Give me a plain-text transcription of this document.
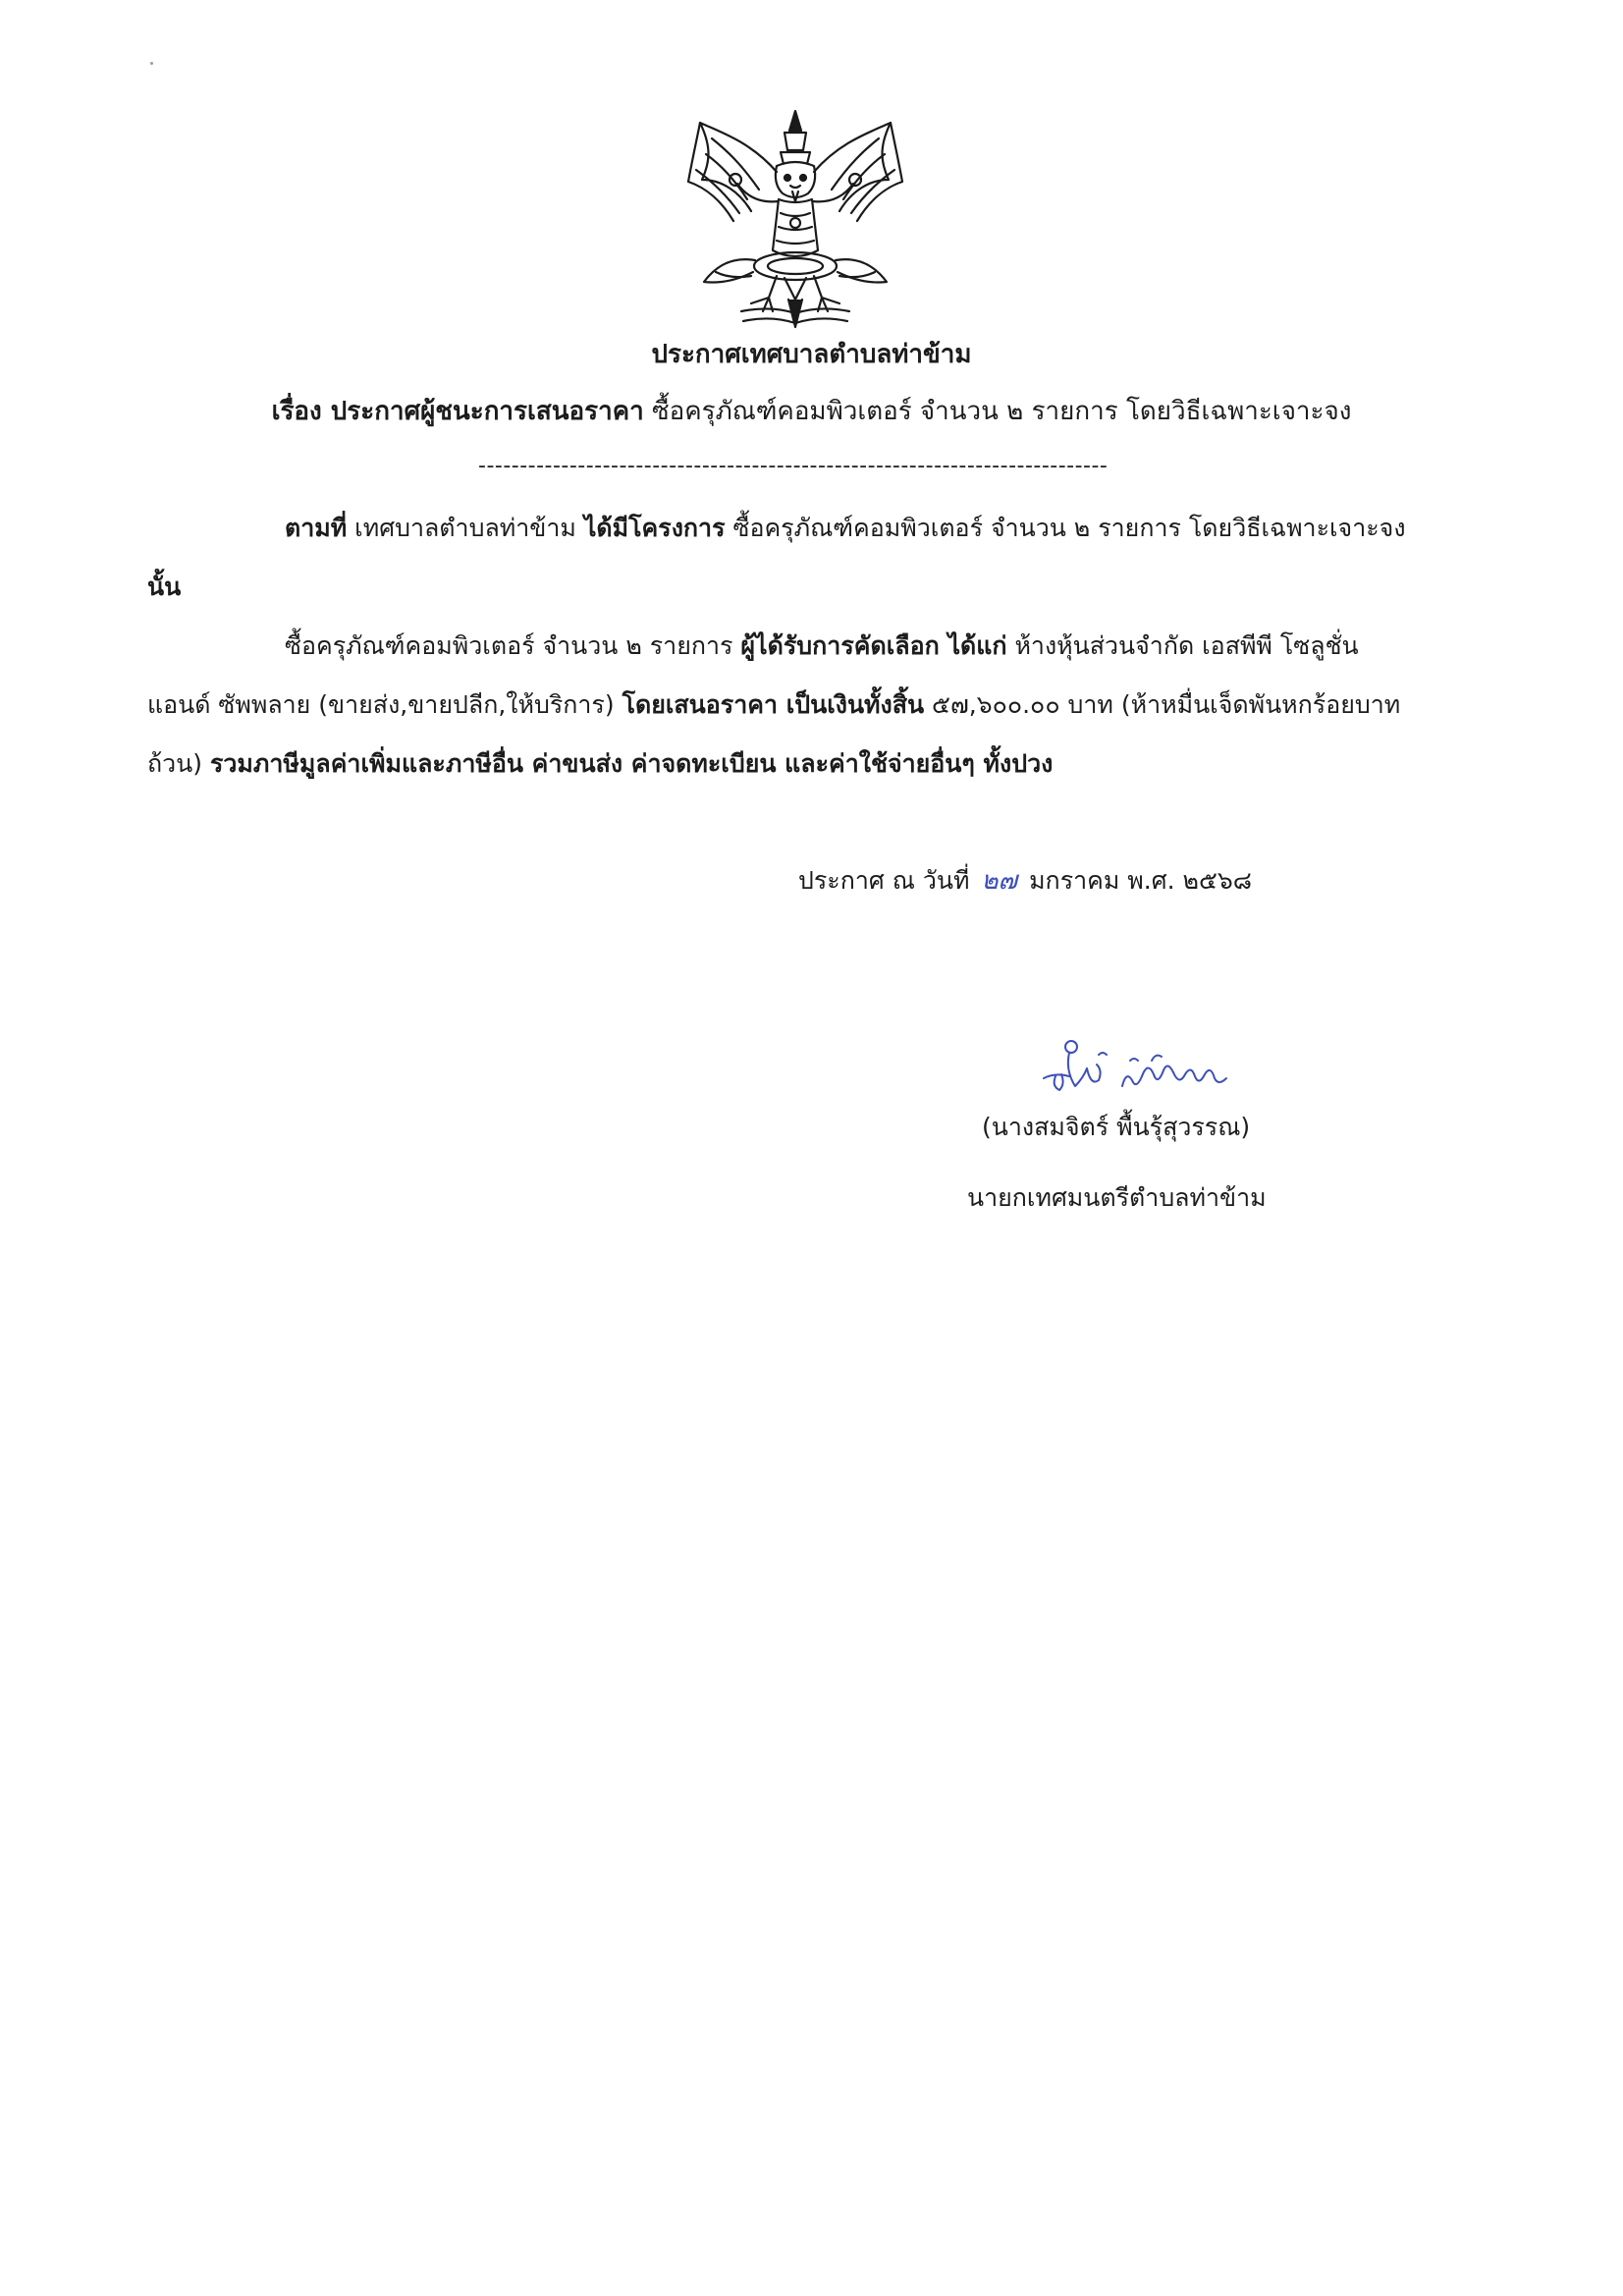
ประกาศเทศบาลตำบลท่าข้าม
เรื่อง ประกาศผู้ชนะการเสนอราคา ซื้อครุภัณฑ์คอมพิวเตอร์ จำนวน ๒ รายการ โดยวิธีเฉพาะเจาะจง
----------------------------------------------------------------------------
ตามที่ เทศบาลตำบลท่าข้าม ได้มีโครงการ ซื้อครุภัณฑ์คอมพิวเตอร์ จำนวน ๒ รายการ โดยวิธีเฉพาะเจาะจง นั้น
ซื้อครุภัณฑ์คอมพิวเตอร์ จำนวน ๒ รายการ ผู้ได้รับการคัดเลือก ได้แก่ ห้างหุ้นส่วนจำกัด เอสพีพี โซลูชั่น แอนด์ ซัพพลาย (ขายส่ง,ขายปลีก,ให้บริการ) โดยเสนอราคา เป็นเงินทั้งสิ้น ๕๗,๖๐๐.๐๐ บาท (ห้าหมื่นเจ็ดพันหกร้อยบาทถ้วน) รวมภาษีมูลค่าเพิ่มและภาษีอื่น ค่าขนส่ง ค่าจดทะเบียน และค่าใช้จ่ายอื่นๆ ทั้งปวง
ประกาศ ณ วันที่ ๒๗ มกราคม พ.ศ. ๒๕๖๘
(นางสมจิตร์ พื้นรุ้สุวรรณ)
นายกเทศมนตรีตำบลท่าข้าม
